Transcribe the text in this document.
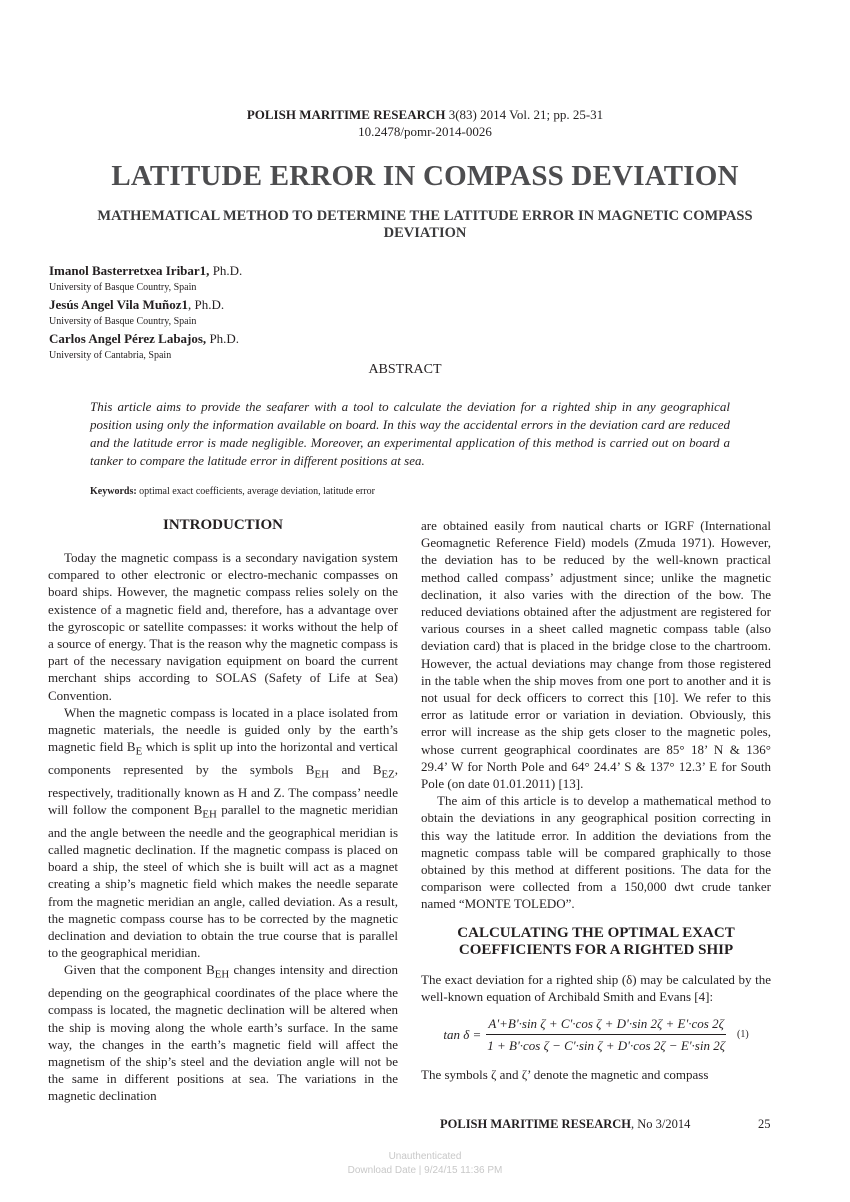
POLISH MARITIME RESEARCH 3(83) 2014 Vol. 21; pp. 25-31
10.2478/pomr-2014-0026
LATITUDE ERROR IN COMPASS DEVIATION
MATHEMATICAL METHOD TO DETERMINE THE LATITUDE ERROR IN MAGNETIC COMPASS DEVIATION
Imanol Basterretxea Iribar1, Ph.D.
University of Basque Country, Spain
Jesús Angel Vila Muñoz1, Ph.D.
University of Basque Country, Spain
Carlos Angel Pérez Labajos, Ph.D.
University of Cantabria, Spain
ABSTRACT
This article aims to provide the seafarer with a tool to calculate the deviation for a righted ship in any geographical position using only the information available on board. In this way the accidental errors in the deviation card are reduced and the latitude error is made negligible. Moreover, an experimental application of this method is carried out on board a tanker to compare the latitude error in different positions at sea.
Keywords: optimal exact coefficients, average deviation, latitude error
INTRODUCTION

Today the magnetic compass is a secondary navigation system compared to other electronic or electro-mechanic compasses on board ships. However, the magnetic compass relies solely on the existence of a magnetic field and, therefore, has a advantage over the gyroscopic or satellite compasses: it works without the help of a source of energy. That is the reason why the magnetic compass is part of the necessary navigation equipment on board the current merchant ships according to SOLAS (Safety of Life at Sea) Convention.

When the magnetic compass is located in a place isolated from magnetic materials, the needle is guided only by the earth’s magnetic field $B_E$ which is split up into the horizontal and vertical components represented by the symbols $B_{EH}$ and $B_{EZ}$, respectively, traditionally known as H and Z. The compass’ needle will follow the component $B_{EH}$ parallel to the magnetic meridian and the angle between the needle and the geographical meridian is called magnetic declination. If the magnetic compass is placed on board a ship, the steel of which she is built will act as a magnet creating a ship’s magnetic field which makes the needle separate from the magnetic meridian an angle, called deviation. As a result, the magnetic compass course has to be corrected by the magnetic declination and deviation to obtain the true course that is parallel to the geographical meridian.

Given that the component $B_{EH}$ changes intensity and direction depending on the geographical coordinates of the place where the compass is located, the magnetic declination will be altered when the ship is moving along the whole earth’s surface. In the same way, the changes in the earth’s magnetic field will affect the magnetism of the ship’s steel and the deviation angle will not be the same in different positions at sea. The variations in the magnetic declination

are obtained easily from nautical charts or IGRF (International Geomagnetic Reference Field) models (Zmuda 1971). However, the deviation has to be reduced by the well-known practical method called compass’ adjustment since; unlike the magnetic declination, it also varies with the direction of the bow. The reduced deviations obtained after the adjustment are registered for various courses in a sheet called magnetic compass table (also deviation card) that is placed in the bridge close to the chartroom. However, the actual deviations may change from those registered in the table when the ship moves from one port to another and it is not usual for deck officers to correct this [10]. We refer to this error as latitude error or variation in deviation. Obviously, this error will increase as the ship gets closer to the magnetic poles, whose current geographical coordinates are 85° 18’ N & 136° 29.4’ W for North Pole and 64° 24.4’ S & 137° 12.3’ E for South Pole (on date 01.01.2011) [13].

The aim of this article is to develop a mathematical method to obtain the deviations in any geographical position correcting in this way the latitude error. In addition the deviations from the magnetic compass table will be compared graphically to those obtained by this method at different positions. The data for the comparison were collected from a 150,000 dwt crude tanker named “MONTE TOLEDO”.

CALCULATING THE OPTIMAL EXACT COEFFICIENTS FOR A RIGHTED SHIP

The exact deviation for a righted ship (δ) may be calculated by the well-known equation of Archibald Smith and Evans [4]:

$\tan \delta = \frac{\text{A'+B'·sin ζ + C'·cos ζ + D'·sin 2ζ + E'·cos 2ζ}}{\text{1 + B'·cos ζ − C'·sin ζ + D'·cos 2ζ − E'·sin 2ζ}} (1)$

The symbols ζ and ζ’ denote the magnetic and compass

POLISH MARITIME RESEARCH, No 3/2014	25
Unauthenticated
Download Date | 9/24/15 11:36 PM
